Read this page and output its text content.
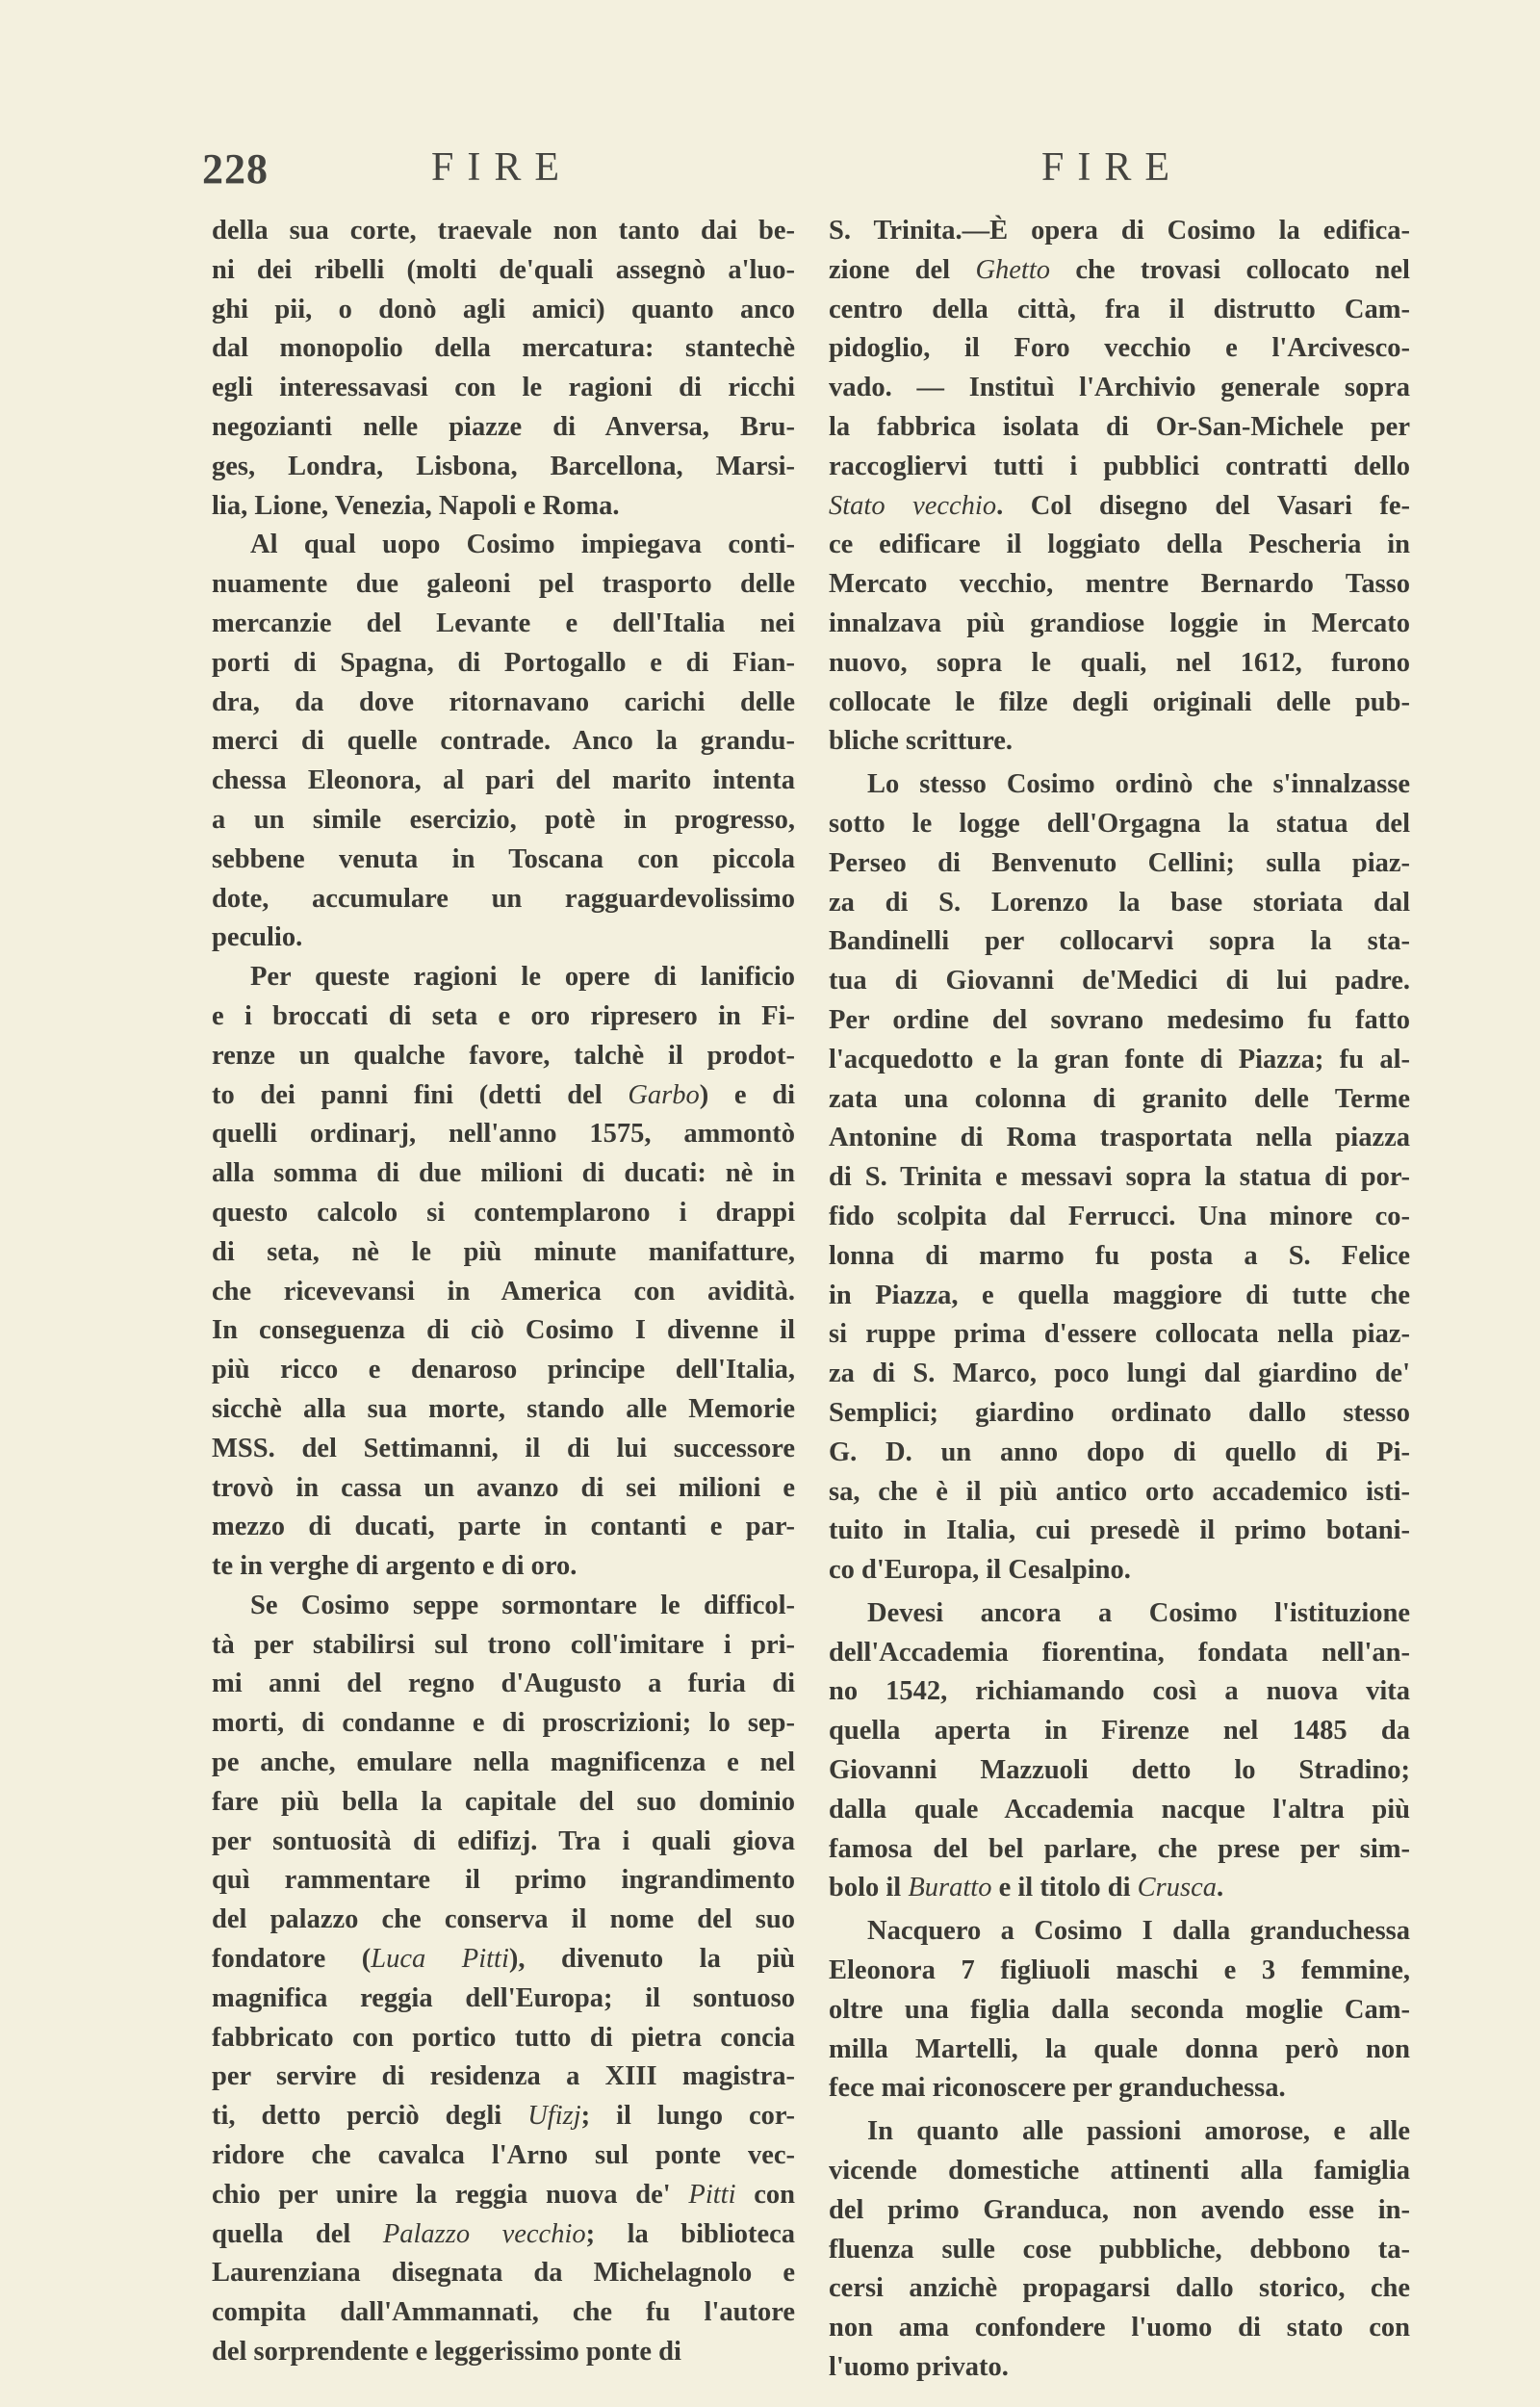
228	FIRE	FIRE
della sua corte, traevale non tanto dai be-
ni dei ribelli (molti de'quali assegnò a'luo-
ghi pii, o donò agli amici) quanto anco
dal monopolio della mercatura: stantechè
egli interessavasi con le ragioni di ricchi
negozianti nelle piazze di Anversa, Bru-
ges, Londra, Lisbona, Barcellona, Marsi-
lia, Lione, Venezia, Napoli e Roma.
Al qual uopo Cosimo impiegava conti-
nuamente due galeoni pel trasporto delle
mercanzie del Levante e dell'Italia nei
porti di Spagna, di Portogallo e di Fian-
dra, da dove ritornavano carichi delle
merci di quelle contrade. Anco la grandu-
chessa Eleonora, al pari del marito intenta
a un simile esercizio, potè in progresso,
sebbene venuta in Toscana con piccola
dote, accumulare un ragguardevolissimo
peculio.
Per queste ragioni le opere di lanificio
e i broccati di seta e oro ripresero in Fi-
renze un qualche favore, talchè il prodot-
to dei panni fini (detti del Garbo) e di
quelli ordinarj, nell'anno 1575, ammontò
alla somma di due milioni di ducati: nè in
questo calcolo si contemplarono i drappi
di seta, nè le più minute manifatture,
che ricevevansi in America con avidità.
In conseguenza di ciò Cosimo I divenne il
più ricco e denaroso principe dell'Italia,
sicchè alla sua morte, stando alle Memorie
MSS. del Settimanni, il di lui successore
trovò in cassa un avanzo di sei milioni e
mezzo di ducati, parte in contanti e par-
te in verghe di argento e di oro.
Se Cosimo seppe sormontare le difficol-
tà per stabilirsi sul trono coll'imitare i pri-
mi anni del regno d'Augusto a furia di
morti, di condanne e di proscrizioni; lo sep-
pe anche, emulare nella magnificenza e nel
fare più bella la capitale del suo dominio
per sontuosità di edifizj. Tra i quali giova
quì rammentare il primo ingrandimento
del palazzo che conserva il nome del suo
fondatore (Luca Pitti), divenuto la più
magnifica reggia dell'Europa; il sontuoso
fabbricato con portico tutto di pietra concia
per servire di residenza a XIII magistra-
ti, detto perciò degli Ufizj; il lungo cor-
ridore che cavalca l'Arno sul ponte vec-
chio per unire la reggia nuova de' Pitti con
quella del Palazzo vecchio; la biblioteca
Laurenziana disegnata da Michelagnolo e
compita dall'Ammannati, che fu l'autore
del sorprendente e leggerissimo ponte di
S. Trinita.—È opera di Cosimo la edifica-
zione del Ghetto che trovasi collocato nel
centro della città, fra il distrutto Cam-
pidoglio, il Foro vecchio e l'Arcivesco-
vado. — Instituì l'Archivio generale sopra
la fabbrica isolata di Or-San-Michele per
raccogliervi tutti i pubblici contratti dello
Stato vecchio. Col disegno del Vasari fe-
ce edificare il loggiato della Pescheria in
Mercato vecchio, mentre Bernardo Tasso
innalzava più grandiose loggie in Mercato
nuovo, sopra le quali, nel 1612, furono
collocate le filze degli originali delle pub-
bliche scritture.
Lo stesso Cosimo ordinò che s'innalzasse
sotto le logge dell'Orgagna la statua del
Perseo di Benvenuto Cellini; sulla piaz-
za di S. Lorenzo la base storiata dal
Bandinelli per collocarvi sopra la sta-
tua di Giovanni de'Medici di lui padre.
Per ordine del sovrano medesimo fu fatto
l'acquedotto e la gran fonte di Piazza; fu al-
zata una colonna di granito delle Terme
Antonine di Roma trasportata nella piazza
di S. Trinita e messavi sopra la statua di por-
fido scolpita dal Ferrucci. Una minore co-
lonna di marmo fu posta a S. Felice
in Piazza, e quella maggiore di tutte che
si ruppe prima d'essere collocata nella piaz-
za di S. Marco, poco lungi dal giardino de'
Semplici; giardino ordinato dallo stesso
G. D. un anno dopo di quello di Pi-
sa, che è il più antico orto accademico isti-
tuito in Italia, cui presedè il primo botani-
co d'Europa, il Cesalpino.
Devesi ancora a Cosimo l'istituzione
dell'Accademia fiorentina, fondata nell'an-
no 1542, richiamando così a nuova vita
quella aperta in Firenze nel 1485 da
Giovanni Mazzuoli detto lo Stradino;
dalla quale Accademia nacque l'altra più
famosa del bel parlare, che prese per sim-
bolo il Buratto e il titolo di Crusca.
Nacquero a Cosimo I dalla granduchessa
Eleonora 7 figliuoli maschi e 3 femmine,
oltre una figlia dalla seconda moglie Cam-
milla Martelli, la quale donna però non
fece mai riconoscere per granduchessa.
In quanto alle passioni amorose, e alle
vicende domestiche attinenti alla famiglia
del primo Granduca, non avendo esse in-
fluenza sulle cose pubbliche, debbono ta-
cersi anzichè propagarsi dallo storico, che
non ama confondere l'uomo di stato con
l'uomo privato.
